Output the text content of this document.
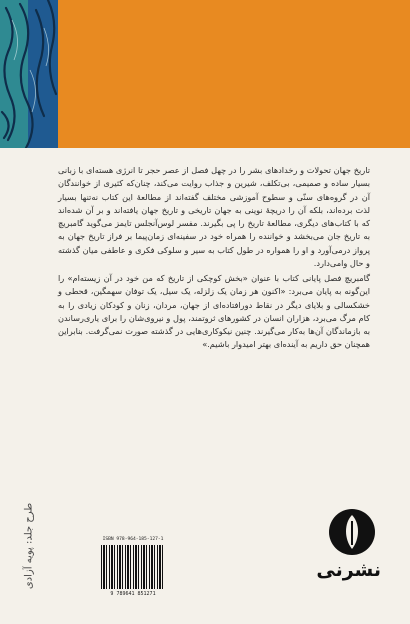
تاریخ جهان تحولات و رخدادهای بشر را در چهل فصل از عصر حجر تا انرژی هسته‌ای با زبانی بسیار ساده و صمیمی، بی‌تکلف، شیرین و جذاب روایت می‌کند، چنان‌که کثیری از خوانندگان آن در گروه‌های سنّی و سطوح آموزشی مختلف گفته‌اند از مطالعهٔ این کتاب نه‌تنها بسیار لذت برده‌اند، بلکه آن را دریچهٔ نوینی به جهان تاریخی و تاریخ جهان یافته‌اند و بر آن شده‌اند که با کتاب‌های دیگری، مطالعهٔ تاریخ را پی بگیرند. مفسر لوس‌آنجلس تایمز می‌گوید گامبریچ به تاریخ جان می‌بخشد و خواننده را همراه خود در سفینه‌ای زمان‌پیما بر فراز تاریخ جهان به پرواز درمی‌آورد و او را همواره در طول کتاب به سیر و سلوکی فکری و عاطفی میان گذشته و حال وامی‌دارد.

گامبریچ فصل پایانی کتاب با عنوان «بخش کوچکی از تاریخ که من خود در آن زیسته‌ام» را این‌گونه به پایان می‌برد: «اکنون هر زمان یک زلزله، یک سیل، یک توفان سهمگین، قحطی و خشکسالی و بلایای دیگر در نقاط دورافتاده‌ای از جهان، مردان، زنان و کودکان زیادی را به کام مرگ می‌برد، هزاران انسان در کشورهای ثروتمند، پول و نیروی‌شان را برای یاری‌رساندن به بازماندگان آن‌ها به‌کار می‌گیرند. چنین نیکوکاری‌هایی در گذشته صورت نمی‌گرفت. بنابراین همچنان حق داریم به آینده‌ای بهتر امیدوار باشیم.»

طرح جلد: پویه آزادی	ISBN 978-964-185-127-1
9 789641 851271
نشرنی
